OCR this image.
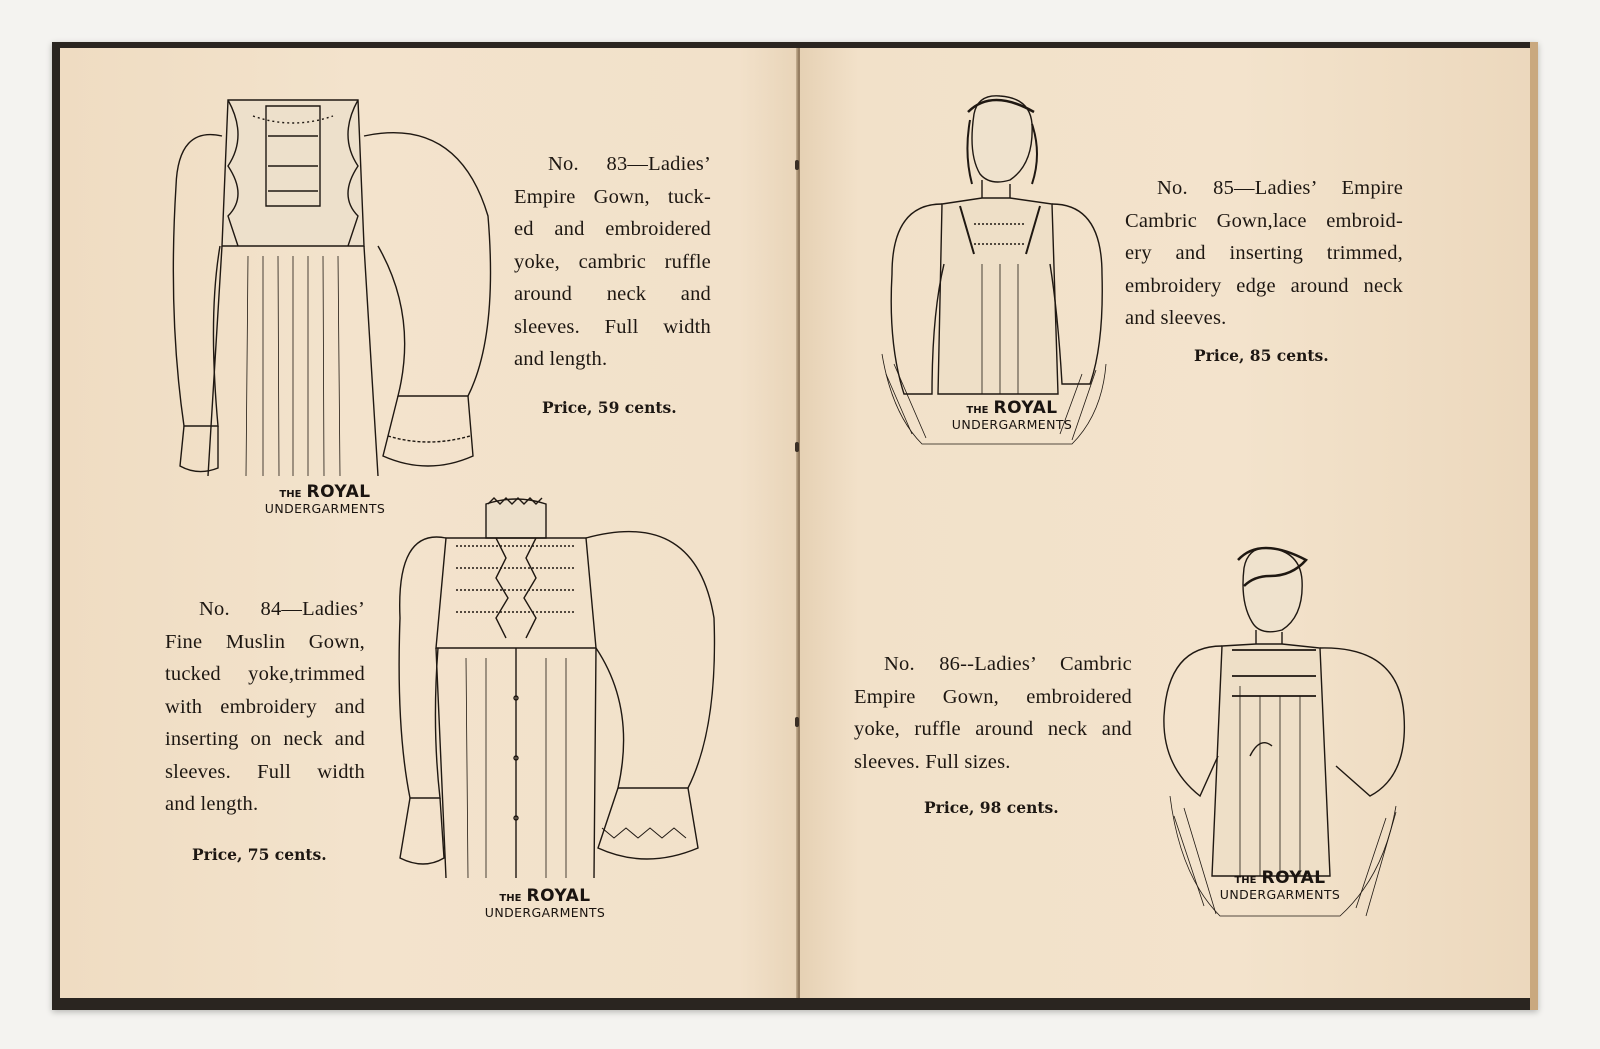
THE ROYAL
UNDERGARMENTS
No. 83—Ladies’
Empire Gown, tuck-
ed and embroidered
yoke, cambric ruffle
around neck and
sleeves. Full width
and length.
Price, 59 cents.
THE ROYAL
UNDERGARMENTS
No. 84—Ladies’
Fine Muslin Gown,
tucked yoke,trimmed
with embroidery and
inserting on neck and
sleeves. Full width
and length.
Price, 75 cents.
THE ROYAL
UNDERGARMENTS
No. 85—Ladies’ Empire
Cambric Gown,lace embroid-
ery and inserting trimmed,
embroidery edge around neck
and sleeves.
Price, 85 cents.
No. 86--Ladies’ Cambric
Empire Gown, embroidered
yoke, ruffle around neck and
sleeves. Full sizes.
Price, 98 cents.
THE ROYAL
UNDERGARMENTS
